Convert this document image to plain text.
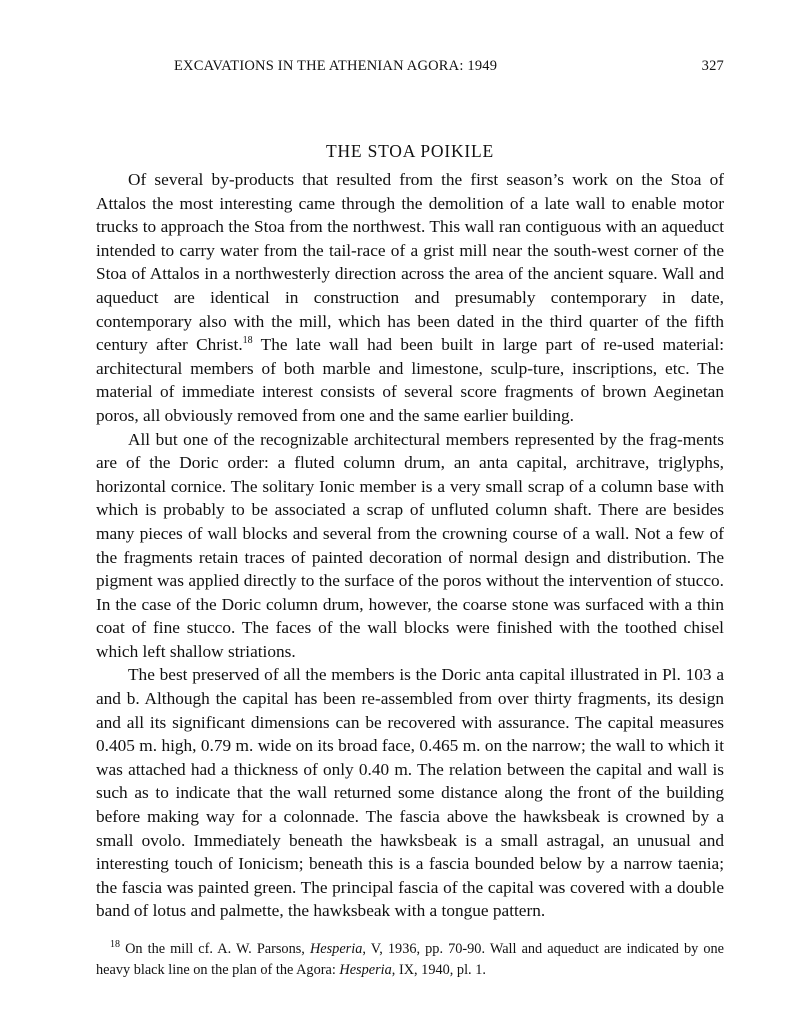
EXCAVATIONS IN THE ATHENIAN AGORA: 1949	327
THE STOA POIKILE

Of several by-products that resulted from the first season’s work on the Stoa of Attalos the most interesting came through the demolition of a late wall to enable motor trucks to approach the Stoa from the northwest. This wall ran contiguous with an aqueduct intended to carry water from the tail-race of a grist mill near the south-west corner of the Stoa of Attalos in a northwesterly direction across the area of the ancient square. Wall and aqueduct are identical in construction and presumably contemporary in date, contemporary also with the mill, which has been dated in the third quarter of the fifth century after Christ.$^{18}$ The late wall had been built in large part of re-used material: architectural members of both marble and limestone, sculp-ture, inscriptions, etc. The material of immediate interest consists of several score fragments of brown Aeginetan poros, all obviously removed from one and the same earlier building.

All but one of the recognizable architectural members represented by the frag-ments are of the Doric order: a fluted column drum, an anta capital, architrave, triglyphs, horizontal cornice. The solitary Ionic member is a very small scrap of a column base with which is probably to be associated a scrap of unfluted column shaft. There are besides many pieces of wall blocks and several from the crowning course of a wall. Not a few of the fragments retain traces of painted decoration of normal design and distribution. The pigment was applied directly to the surface of the poros without the intervention of stucco. In the case of the Doric column drum, however, the coarse stone was surfaced with a thin coat of fine stucco. The faces of the wall blocks were finished with the toothed chisel which left shallow striations.

The best preserved of all the members is the Doric anta capital illustrated in Pl. 103 a and b. Although the capital has been re-assembled from over thirty fragments, its design and all its significant dimensions can be recovered with assurance. The capital measures 0.405 m. high, 0.79 m. wide on its broad face, 0.465 m. on the narrow; the wall to which it was attached had a thickness of only 0.40 m. The relation between the capital and wall is such as to indicate that the wall returned some distance along the front of the building before making way for a colonnade. The fascia above the hawksbeak is crowned by a small ovolo. Immediately beneath the hawksbeak is a small astragal, an unusual and interesting touch of Ionicism; beneath this is a fascia bounded below by a narrow taenia; the fascia was painted green. The principal fascia of the capital was covered with a double band of lotus and palmette, the hawksbeak with a tongue pattern.

$^{18}$ On the mill cf. A. W. Parsons, Hesperia, V, 1936, pp. 70-90. Wall and aqueduct are indicated by one heavy black line on the plan of the Agora: Hesperia, IX, 1940, pl. 1.
